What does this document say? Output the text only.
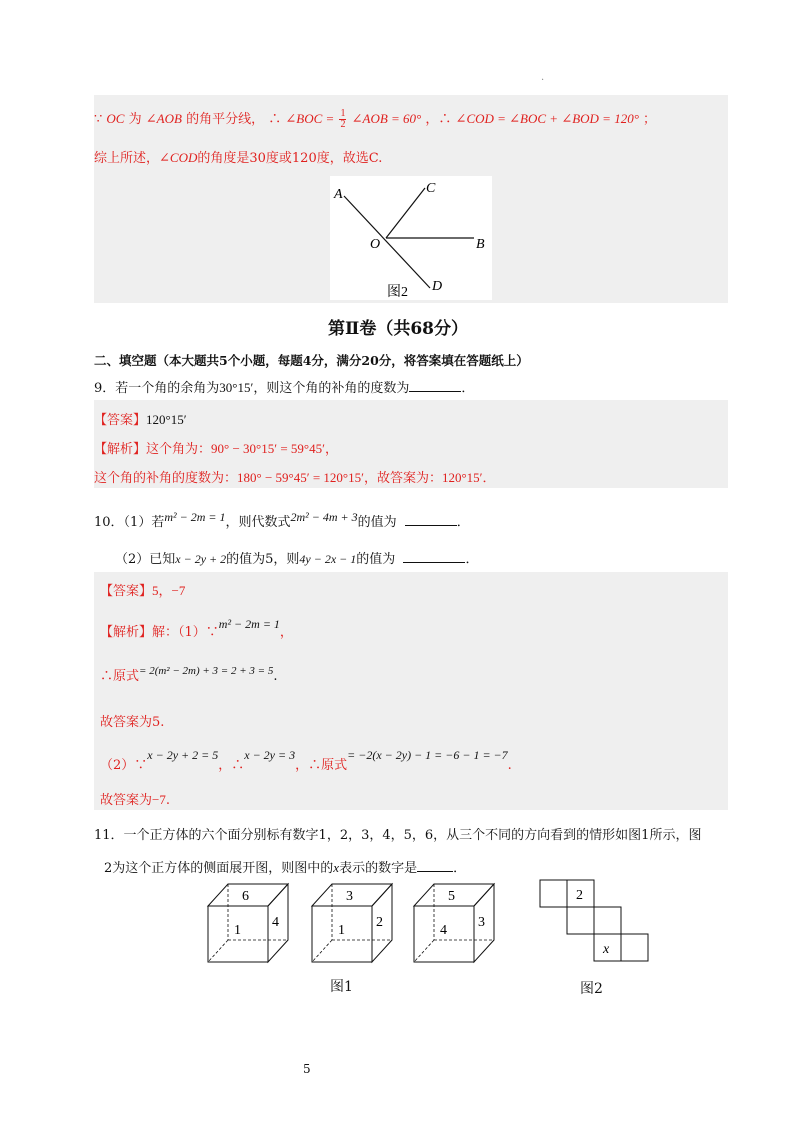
.
∵ OC 为 ∠AOB 的角平分线， ∴ ∠BOC = $\frac{1}{2}$ ∠AOB = 60° ，∴ ∠COD = ∠BOC + ∠BOD = 120° ；
综上所述，∠COD的角度是30度或120度，故选C.
A	C
O	B
D
图2
第Ⅱ卷（共68分）
二、填空题（本大题共5个小题，每题4分，满分20分，将答案填在答题纸上）
9．若一个角的余角为30°15′，则这个角的补角的度数为	．
【答案】120°15′
【解析】这个角为：90° − 30°15′ = 59°45′，
这个角的补角的度数为：180° − 59°45′ = 120°15′，故答案为：120°15′．
10．（1）若m² − 2m = 1，则代数式2m² − 4m + 3的值为	．
（2）已知x − 2y + 2的值为5，则4y − 2x − 1的值为	．
【答案】5，−7
【解析】解：（1）∵m² − 2m = 1，
∴原式$^{= 2(m^2 - 2m) + 3 = 2 + 3 = 5}$.
故答案为5.
（2）∵x − 2y + 2 = 5，∴x − 2y = 3，∴原式= −2(x − 2y) − 1 = −6 − 1 = −7.
故答案为−7.
11．一个正方体的六个面分别标有数字1，2，3，4，5，6，从三个不同的方向看到的情形如图1所示，图
2为这个正方体的侧面展开图，则图中的x表示的数字是	．
6
1
4
3
1
2
5
4
3
图1
2
x
图2
5
